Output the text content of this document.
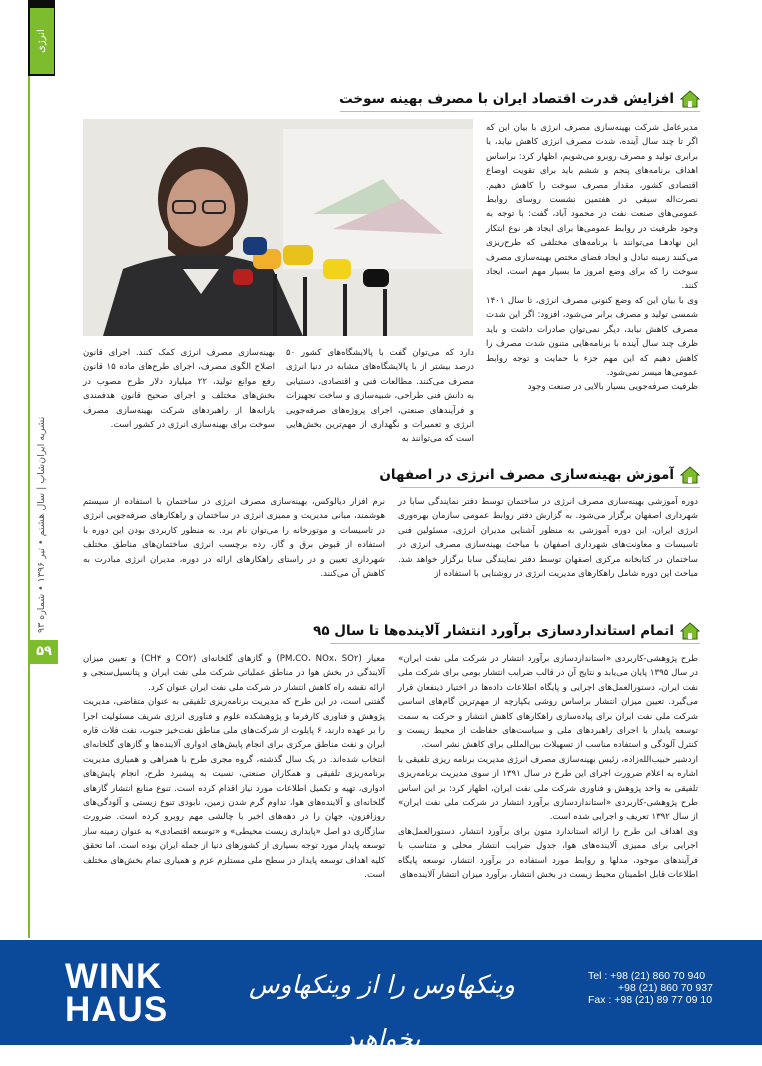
انرژی
نشریه ایران‌شاپ | سال هشتم • تیر ۱۳۹۶ • شماره ۹۳
۵۹
افزایش قدرت اقتصاد ایران با مصرف بهینه سوخت

مدیرعامل شرکت بهینه‌سازی مصرف انرژی با بیان این که اگر تا چند سال آینده، شدت مصرف انرژی کاهش نیابد، با برابری تولید و مصرف روبرو می‌شویم، اظهار کرد: براساس اهداف برنامه‌های پنجم و ششم باید برای تقویت اوضاع اقتصادی کشور، مقدار مصرف سوخت را کاهش دهیم. نصرت‌اله سیفی در هفتمین نشست روسای روابط عمومی‌های صنعت نفت در محمود آباد، گفت: با توجه به وجود ظرفیت در روابط عمومی‌ها برای ایجاد هر نوع ابتکار این نهادهـا می‌توانند با برنامه‌های مختلفی که طرح‌ریزی می‌کنند زمینه تبادل و ایجاد فضای مختص بهینه‌سازی مصرف سوخت را که برای وضع امروز ما بسیار مهم است، ایجاد کنند.

وی با بیان این که وضع کنونی مصرف انرژی، تا سال ۱۴۰۱ شمسی تولید و مصرف برابر می‌شود، افزود: اگر این شدت مصرف کاهش نیابد، دیگر نمی‌توان صادرات داشت و باید ظرف چند سال آینده با برنامه‌هایی متنون شدت مصرف را کاهش دهیم که این مهم جزء با حمایت و توجه روابط عمومی‌ها میسر نمی‌شود.

ظرفیت صرفه‌جویی بسیار بالایی در صنعت وجود

دارد که می‌توان گفت با پالایشگاه‌های کشور ۵۰ درصد بیشتر از با پالایشگاه‌های مشابه در دنیا انرژی مصرف می‌کنند. مطالعات فنی و اقتصادی، دستیابی به دانش فنی طراحی، شبیه‌سازی و ساخت تجهیزات و فرآیندهای صنعتی، اجرای پروژه‌های صرفه‌جویی انرژی و تعمیرات و نگهداری از مهم‌ترین بخش‌هایی است که می‌توانند به

بهینه‌سازی مصرف انرژی کمک کنند. اجرای قانون اصلاح الگوی مصرف، اجرای طرح‌های ماده ۱۵ قانون رفع موانع تولید، ۲۲ میلیارد دلار طرح مصوب در بخش‌های مختلف و اجرای صحیح قانون هدفمندی یارانه‌ها از راهبردهای شرکت بهینه‌سازی مصرف سوخت برای بهینه‌سازی انرژی در کشور است.

آموزش بهینه‌سازی مصرف انرژی در اصفهان

دوره آموزشی بهینه‌سازی مصرف انرژی در ساختمان توسط دفتر نمایندگی سابا در شهرداری اصفهان برگزار می‌شود. به گزارش دفتر روابط عمومی سازمان بهره‌وری انرژی ایران، این دوره آموزشی به منظور آشنایی مدیران انرژی، مسئولین فنی تاسیسات و معاونت‌های شهرداری اصفهان با مباحث بهینه‌سازی مصرف انرژی در ساختمان در کتابخانه مرکزی اصفهان توسط دفتر نمایندگی سابا برگزار خواهد شد. مباحث این دوره شامل راهکارهای مدیریت انرژی در روشنایی با استفاده از

نرم افزار دیالوکس، بهینه‌سازی مصرف انرژی در ساختمان با استفاده از سیستم هوشمند، مبانی مدیریت و ممیزی انرژی در ساختمان و راهکارهای صرفه‌جویی انرژی در تاسیسات و موتورخانه را می‌توان نام برد. به منظور کاربردی بودن این دوره با استفاده از قبوض برق و گاز، رده برچسب انرژی ساختمان‌های مناطق مختلف شهرداری تعیین و در راستای راهکارهای ارائه در دوره، مدیران انرژی مبادرت به کاهش آن می‌کنند.

اتمام استانداردسازی برآورد انتشار آلاینده‌ها تا سال ۹۵

طرح پژوهشی-کاربردی «استانداردسازی برآورد انتشار در شرکت ملی نفت ایران» در سال ۱۳۹۵ پایان می‌یابد و نتایج آن در قالب ضرایب انتشار بومی برای شرکت ملی نفت ایران، دستورالعمل‌های اجرایی و پایگاه اطلاعات داده‌ها در اختیار ذینفعان قرار می‌گیرد. تعیین میزان انتشار براساس روشی یکپارچه از مهم‌ترین گام‌های اساسی شرکت ملی نفت ایران برای پیاده‌سازی راهکارهای کاهش انتشار و حرکت به سمت توسعه پایدار با اجرای راهبردهای ملی و سیاست‌های حفاظت از محیط زیست و کنترل آلودگی و استفاده مناسب از تسهیلات بین‌المللی برای کاهش نشر است.

اردشیر حبیب‌الله‌زاده، رئیس بهینه‌سازی مصرف انرژی مدیریت برنامه ریزی تلفیقی با اشاره به اعلام ضرورت اجرای این طرح در سال ۱۳۹۱ از سوی مدیریت برنامه‌ریزی تلفیقی به واحد پژوهش و فناوری شرکت ملی نفت ایران، اظهار کرد: بر این اساس طرح پژوهشی-کاربردی «استانداردسازی برآورد انتشار در شرکت ملی نفت ایران» از سال ۱۳۹۲ تعریف و اجرایی شده است.

وی اهداف این طرح را ارائه استاندارد متون برای برآورد انتشار، دستورالعمل‌های اجرایی برای ممیزی آلاینده‌های هوا، جدول ضرایب انتشار محلی و متناسب با فرآیندهای موجود، مدلها و روابط مورد استفاده در برآورد انتشار، توسعه پایگاه اطلاعات قابل اطمینان محیط زیست در بخش انتشار، برآورد میزان انتشار آلاینده‌های

معیار (PM،CO، NOx، SO۲) و گازهای گلخانه‌ای (CO۲ و CH۴) و تعیین میزان آلایندگی در بخش هوا در مناطق عملیاتی شرکت ملی نفت ایران و پتانسیل‌سنجی و ارائه نقشه راه کاهش انتشار در شرکت ملی نفت ایران عنوان کرد.

گفتنی است، در این طرح که مدیریت برنامه‌ریزی تلفیقی به عنوان متقاضی، مدیریت پژوهش و فناوری کارفرما و پژوهشکده علوم و فناوری انرژی شریف مسئولیت اجرا را بر عهده دارند، ۶ پایلوت از شرکت‌های ملی مناطق نفت‌خیز جنوب، نفت فلات قاره ایران و نفت مناطق مرکزی برای انجام پایش‌های ادواری آلاینده‌ها و گازهای گلخانه‌ای انتخاب شده‌اند. در یک سال گذشته، گروه مجری طرح با همراهی و همیاری مدیریت برنامه‌ریزی تلفیقی و همکاران صنعتی، نسبت به پیشبرد طرح، انجام پایش‌های ادواری، تهیه و تکمیل اطلاعات مورد نیاز اقدام کرده است. تنوع منابع انتشار گازهای گلخانه‌ای و آلاینده‌های هوا، تداوم گرم شدن زمین، نابودی تنوع زیستی و آلودگی‌های روزافزون، جهان را در دهه‌های اخیر با چالشی مهم روبرو کرده است. ضرورت سازگاری دو اصل «پایداری زیست محیطی» و «توسعه اقتصادی» به عنوان زمینه ساز توسعه پایدار مورد توجه بسیاری از کشورهای دنیا از جمله ایران بوده است. اما تحقق کلیه اهداف توسعه پایدار در سطح ملی مستلزم عزم و همیاری تمام بخش‌های مختلف است.

WINK
HAUS
وینکهاوس را از وینکهاوس بخواهید
Tel : +98 (21) 860 70 940
+98 (21) 860 70 937
Fax : +98 (21) 89 77 09 10
